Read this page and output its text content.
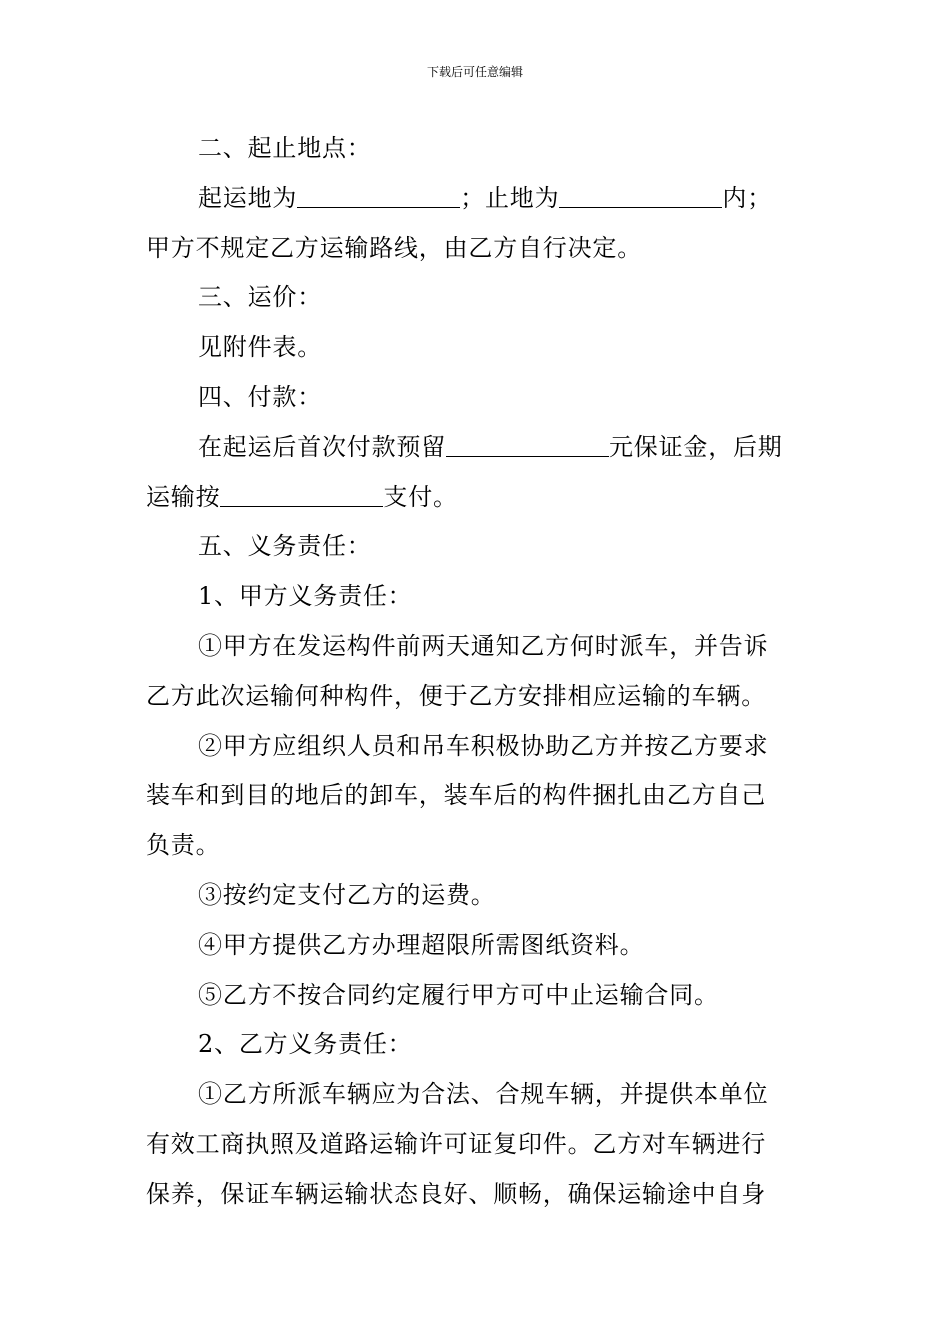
下载后可任意编辑
二、起止地点：
起运地为	；止地为	内；
甲方不规定乙方运输路线，由乙方自行决定。
三、运价：
见附件表。
四、付款：
在起运后首次付款预留	元保证金，后期
运输按	支付。
五、义务责任：
1、甲方义务责任：
①甲方在发运构件前两天通知乙方何时派车，并告诉
乙方此次运输何种构件，便于乙方安排相应运输的车辆。
②甲方应组织人员和吊车积极协助乙方并按乙方要求
装车和到目的地后的卸车，装车后的构件捆扎由乙方自己
负责。
③按约定支付乙方的运费。
④甲方提供乙方办理超限所需图纸资料。
⑤乙方不按合同约定履行甲方可中止运输合同。
2、乙方义务责任：
①乙方所派车辆应为合法、合规车辆，并提供本单位
有效工商执照及道路运输许可证复印件。乙方对车辆进行
保养，保证车辆运输状态良好、顺畅，确保运输途中自身
